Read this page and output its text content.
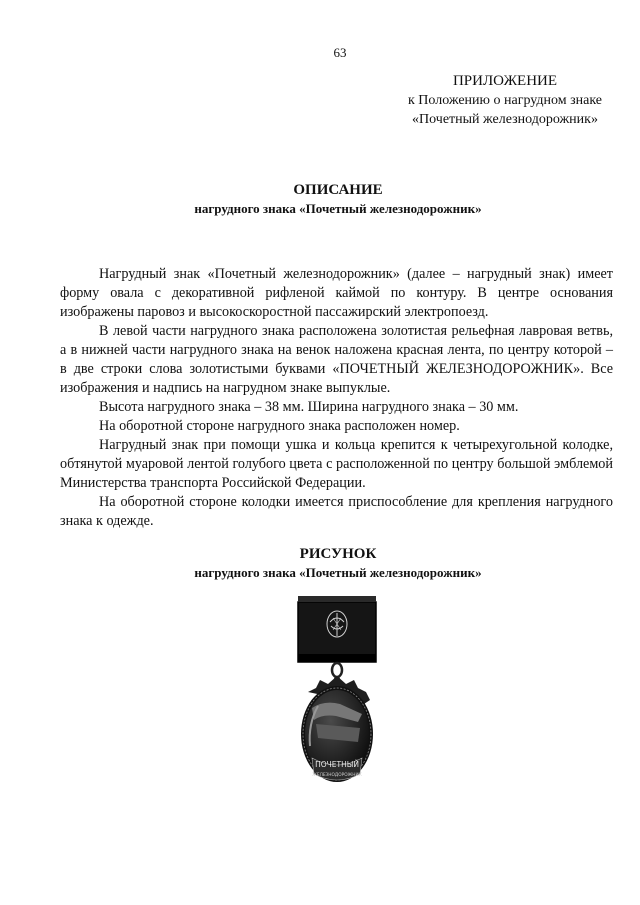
63
ПРИЛОЖЕНИЕ
к Положению о нагрудном знаке
«Почетный железнодорожник»
ОПИСАНИЕ
нагрудного знака «Почетный железнодорожник»

Нагрудный знак «Почетный железнодорожник» (далее – нагрудный знак) имеет форму овала с декоративной рифленой каймой по контуру. В центре основания изображены паровоз и высокоскоростной пассажирский электропоезд.

В левой части нагрудного знака расположена золотистая рельефная лавровая ветвь, а в нижней части нагрудного знака на венок наложена красная лента, по центру которой – в две строки слова золотистыми буквами «ПОЧЕТНЫЙ ЖЕЛЕЗНОДОРОЖНИК». Все изображения и надпись на нагрудном знаке выпуклые.

Высота нагрудного знака – 38 мм. Ширина нагрудного знака – 30 мм.

На оборотной стороне нагрудного знака расположен номер.

Нагрудный знак при помощи ушка и кольца крепится к четырехугольной колодке, обтянутой муаровой лентой голубого цвета с расположенной по центру большой эмблемой Министерства транспорта Российской Федерации.

На оборотной стороне колодки имеется приспособление для крепления нагрудного знака к одежде.

РИСУНОК
нагрудного знака «Почетный железнодорожник»
ПОЧЕТНЫЙ
ЖЕЛЕЗНОДОРОЖНИК
